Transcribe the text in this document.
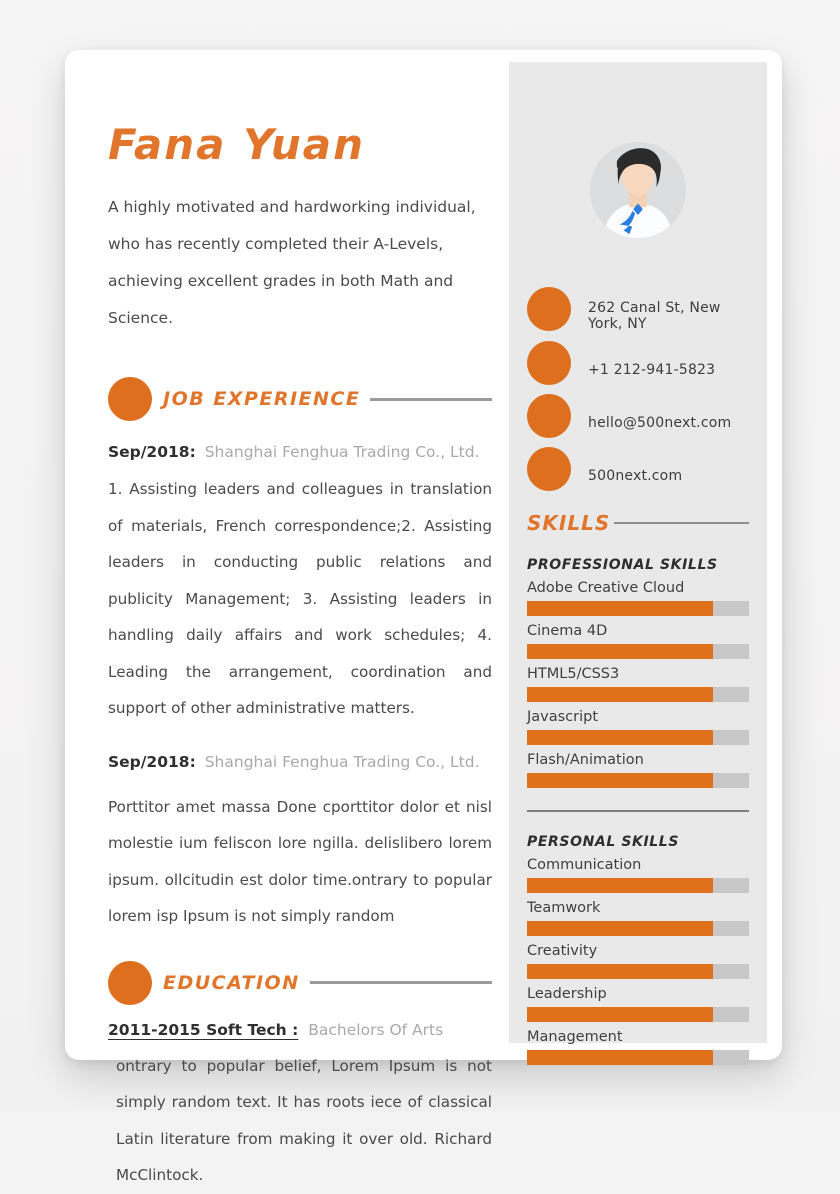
Fana Yuan
A highly motivated and hardworking individual, who has recently completed their A-Levels, achieving excellent grades in both Math and Science.
JOB EXPERIENCE
Sep/2018: Shanghai Fenghua Trading Co., Ltd.
1. Assisting leaders and colleagues in translation of materials, French correspondence;2. Assisting leaders in conducting public relations and publicity Management; 3. Assisting leaders in handling daily affairs and work schedules; 4. Leading the arrangement, coordination and support of other administrative matters.
Sep/2018: Shanghai Fenghua Trading Co., Ltd.
Porttitor amet massa Done cporttitor dolor et nisl molestie ium feliscon lore ngilla. delislibero lorem ipsum. ollcitudin est dolor time.ontrary to popular lorem isp Ipsum is not simply random
EDUCATION
2011-2015 Soft Tech : Bachelors Of Arts
ontrary to popular belief, Lorem Ipsum is not simply random text. It has roots iece of classical Latin literature from making it over old. Richard McClintock.
262 Canal St, New York, NY
+1 212-941-5823
hello@500next.com
500next.com
SKILLS
PROFESSIONAL SKILLS
Adobe Creative Cloud
Cinema 4D
HTML5/CSS3
Javascript
Flash/Animation
PERSONAL SKILLS
Communication
Teamwork
Creativity
Leadership
Management
